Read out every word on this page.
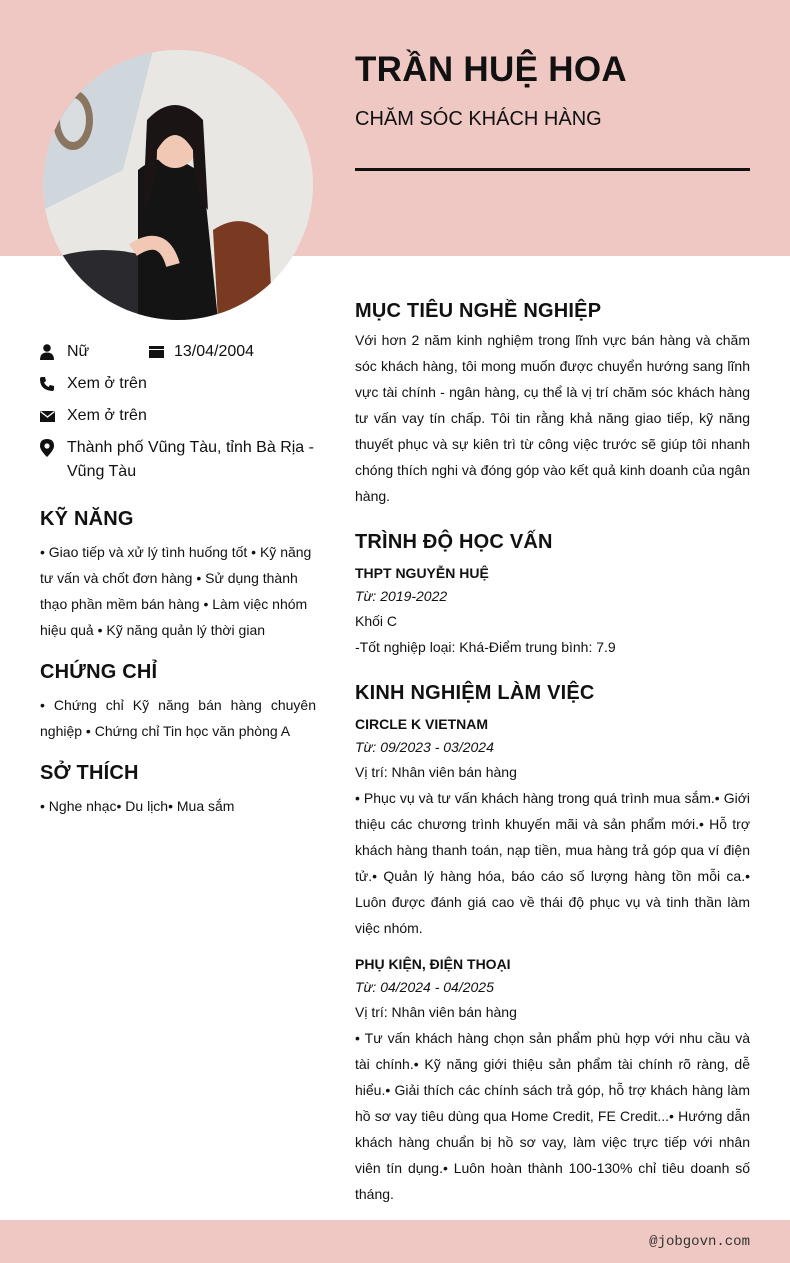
TRẦN HUỆ HOA
CHĂM SÓC KHÁCH HÀNG
Nữ	13/04/2004
Xem ở trên
Xem ở trên
Thành phố Vũng Tàu, tỉnh Bà Rịa - Vũng Tàu
KỸ NĂNG
• Giao tiếp và xử lý tình huống tốt • Kỹ năng tư vấn và chốt đơn hàng • Sử dụng thành thạo phần mềm bán hàng • Làm việc nhóm hiệu quả • Kỹ năng quản lý thời gian
CHỨNG CHỈ
• Chứng chỉ Kỹ năng bán hàng chuyên nghiệp • Chứng chỉ Tin học văn phòng A
SỞ THÍCH
• Nghe nhạc• Du lịch• Mua sắm
MỤC TIÊU NGHỀ NGHIỆP
Với hơn 2 năm kinh nghiệm trong lĩnh vực bán hàng và chăm sóc khách hàng, tôi mong muốn được chuyển hướng sang lĩnh vực tài chính - ngân hàng, cụ thể là vị trí chăm sóc khách hàng tư vấn vay tín chấp. Tôi tin rằng khả năng giao tiếp, kỹ năng thuyết phục và sự kiên trì từ công việc trước sẽ giúp tôi nhanh chóng thích nghi và đóng góp vào kết quả kinh doanh của ngân hàng.
TRÌNH ĐỘ HỌC VẤN
THPT NGUYỄN HUỆ
Từ: 2019-2022
Khối C
-Tốt nghiệp loại: Khá-Điểm trung bình: 7.9
KINH NGHIỆM LÀM VIỆC
CIRCLE K VIETNAM
Từ: 09/2023 - 03/2024
Vị trí: Nhân viên bán hàng
• Phục vụ và tư vấn khách hàng trong quá trình mua sắm.• Giới thiệu các chương trình khuyến mãi và sản phẩm mới.• Hỗ trợ khách hàng thanh toán, nạp tiền, mua hàng trả góp qua ví điện tử.• Quản lý hàng hóa, báo cáo số lượng hàng tồn mỗi ca.• Luôn được đánh giá cao về thái độ phục vụ và tinh thần làm việc nhóm.
PHỤ KIỆN, ĐIỆN THOẠI
Từ: 04/2024 - 04/2025
Vị trí: Nhân viên bán hàng
• Tư vấn khách hàng chọn sản phẩm phù hợp với nhu cầu và tài chính.• Kỹ năng giới thiệu sản phẩm tài chính rõ ràng, dễ hiểu.• Giải thích các chính sách trả góp, hỗ trợ khách hàng làm hồ sơ vay tiêu dùng qua Home Credit, FE Credit...• Hướng dẫn khách hàng chuẩn bị hồ sơ vay, làm việc trực tiếp với nhân viên tín dụng.• Luôn hoàn thành 100-130% chỉ tiêu doanh số tháng.
@jobgovn.com
